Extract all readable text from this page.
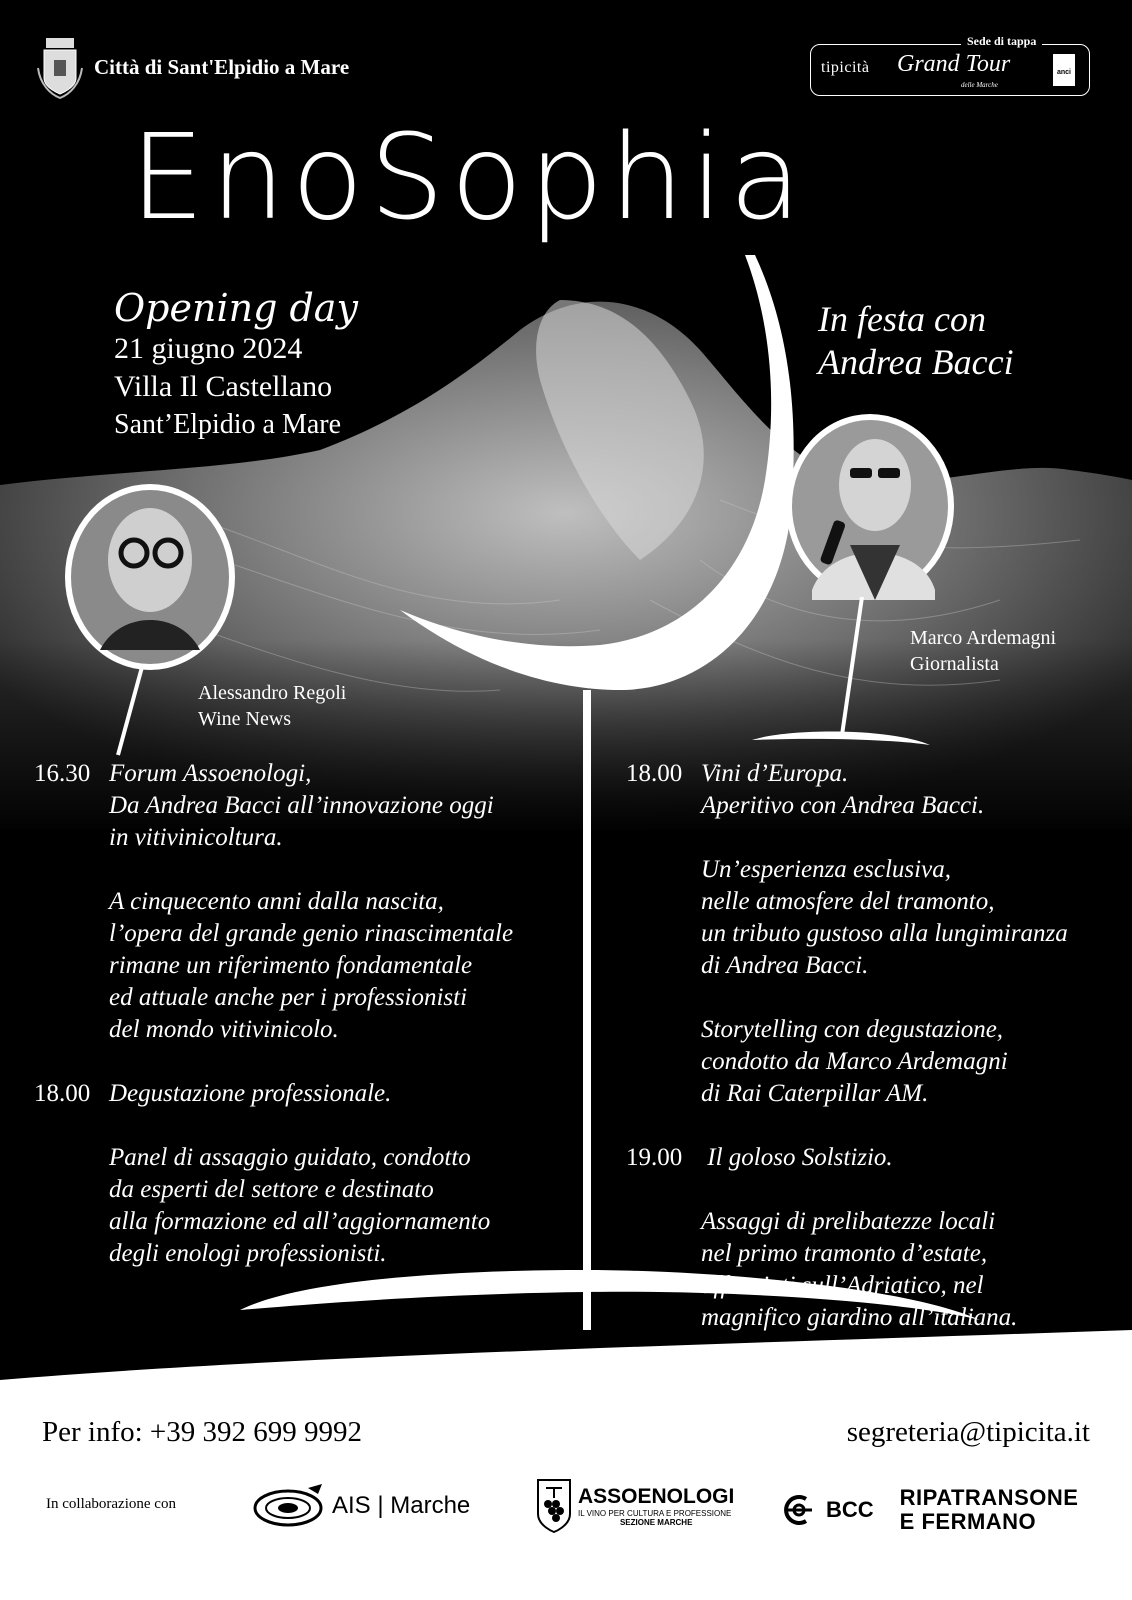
Città di Sant'Elpidio a Mare
Sede di tappa
tipicità Grand Tour
delle Marche
anci
EnoSophia
Opening day
21 giugno 2024
Villa Il Castellano
Sant’Elpidio a Mare
In festa con
Andrea Bacci
Alessandro Regoli
Wine News
Marco Ardemagni
Giornalista
16.30 Forum Assoenologi,
Da Andrea Bacci all’innovazione oggi
in vitivinicoltura.
A cinquecento anni dalla nascita,
l’opera del grande genio rinascimentale
rimane un riferimento fondamentale
ed attuale anche per i professionisti
del mondo vitivinicolo.
18.00 Degustazione professionale.
Panel di assaggio guidato, condotto
da esperti del settore e destinato
alla formazione ed all’aggiornamento
degli enologi professionisti.
18.00 Vini d’Europa.
Aperitivo con Andrea Bacci.
Un’esperienza esclusiva,
nelle atmosfere del tramonto,
un tributo gustoso alla lungimiranza
di Andrea Bacci.
Storytelling con degustazione,
condotto da Marco Ardemagni
di Rai Caterpillar AM.
19.00 Il goloso Solstizio.
Assaggi di prelibatezze locali
nel primo tramonto d’estate,
affacciati sull’Adriatico, nel
magnifico giardino all’italiana.
Per info: +39 392 699 9992	segreteria@tipicita.it
In collaborazione con	AIS | Marche	ASSOENOLOGI
IL VINO PER CULTURA E PROFESSIONE
SEZIONE MARCHE
BCC RIPATRANSONE
E FERMANO
